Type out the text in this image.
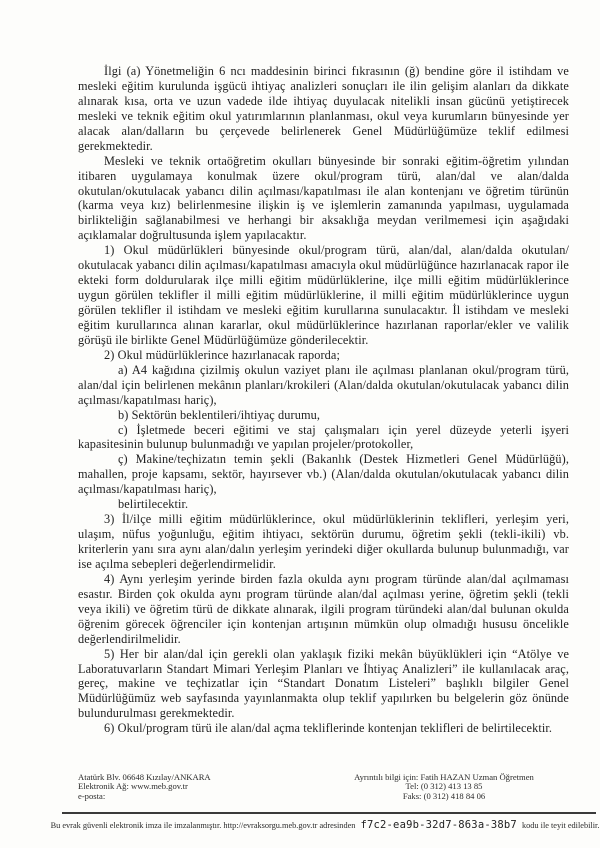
İlgi (a) Yönetmeliğin 6 ncı maddesinin birinci fıkrasının (ğ) bendine göre il istihdam ve mesleki eğitim kurulunda işgücü ihtiyaç analizleri sonuçları ile ilin gelişim alanları da dikkate alınarak kısa, orta ve uzun vadede ilde ihtiyaç duyulacak nitelikli insan gücünü yetiştirecek mesleki ve teknik eğitim okul yatırımlarının planlanması, okul veya kurumların bünyesinde yer alacak alan/dalların bu çerçevede belirlenerek Genel Müdürlüğümüze teklif edilmesi gerekmektedir.

Mesleki ve teknik ortaöğretim okulları bünyesinde bir sonraki eğitim-öğretim yılından itibaren uygulamaya konulmak üzere okul/program türü, alan/dal ve alan/dalda okutulan/okutulacak yabancı dilin açılması/kapatılması ile alan kontenjanı ve öğretim türünün (karma veya kız) belirlenmesine ilişkin iş ve işlemlerin zamanında yapılması, uygulamada birlikteliğin sağlanabilmesi ve herhangi bir aksaklığa meydan verilmemesi için aşağıdaki açıklamalar doğrultusunda işlem yapılacaktır.

1) Okul müdürlükleri bünyesinde okul/program türü, alan/dal, alan/dalda okutulan/ okutulacak yabancı dilin açılması/kapatılması amacıyla okul müdürlüğünce hazırlanacak rapor ile ekteki form doldurularak ilçe milli eğitim müdürlüklerine, ilçe milli eğitim müdürlüklerince uygun görülen teklifler il milli eğitim müdürlüklerine, il milli eğitim müdürlüklerince uygun görülen teklifler il istihdam ve mesleki eğitim kurullarına sunulacaktır. İl istihdam ve mesleki eğitim kurullarınca alınan kararlar, okul müdürlüklerince hazırlanan raporlar/ekler ve valilik görüşü ile birlikte Genel Müdürlüğümüze gönderilecektir.

2) Okul müdürlüklerince hazırlanacak raporda;

a) A4 kağıdına çizilmiş okulun vaziyet planı ile açılması planlanan okul/program türü, alan/dal için belirlenen mekânın planları/krokileri (Alan/dalda okutulan/okutulacak yabancı dilin açılması/kapatılması hariç),

b) Sektörün beklentileri/ihtiyaç durumu,

c) İşletmede beceri eğitimi ve staj çalışmaları için yerel düzeyde yeterli işyeri kapasitesinin bulunup bulunmadığı ve yapılan projeler/protokoller,

ç) Makine/teçhizatın temin şekli (Bakanlık (Destek Hizmetleri Genel Müdürlüğü), mahallen, proje kapsamı, sektör, hayırsever vb.) (Alan/dalda okutulan/okutulacak yabancı dilin açılması/kapatılması hariç),

belirtilecektir.

3) İl/ilçe milli eğitim müdürlüklerince, okul müdürlüklerinin teklifleri, yerleşim yeri, ulaşım, nüfus yoğunluğu, eğitim ihtiyacı, sektörün durumu, öğretim şekli (tekli-ikili) vb. kriterlerin yanı sıra aynı alan/dalın yerleşim yerindeki diğer okullarda bulunup bulunmadığı, var ise açılma sebepleri değerlendirmelidir.

4) Aynı yerleşim yerinde birden fazla okulda aynı program türünde alan/dal açılmaması esastır. Birden çok okulda aynı program türünde alan/dal açılması yerine, öğretim şekli (tekli veya ikili) ve öğretim türü de dikkate alınarak, ilgili program türündeki alan/dal bulunan okulda öğrenim görecek öğrenciler için kontenjan artışının mümkün olup olmadığı hususu öncelikle değerlendirilmelidir.

5) Her bir alan/dal için gerekli olan yaklaşık fiziki mekân büyüklükleri için “Atölye ve Laboratuvarların Standart Mimari Yerleşim Planları ve İhtiyaç Analizleri” ile kullanılacak araç, gereç, makine ve teçhizatlar için “Standart Donatım Listeleri” başlıklı bilgiler Genel Müdürlüğümüz web sayfasında yayınlanmakta olup teklif yapılırken bu belgelerin göz önünde bulundurulması gerekmektedir.

6) Okul/program türü ile alan/dal açma tekliflerinde kontenjan teklifleri de belirtilecektir.

Atatürk Blv. 06648 Kızılay/ANKARA
Elektronik Ağ: www.meb.gov.tr
e-posta:
Ayrıntılı bilgi için: Fatih HAZAN Uzman Öğretmen
Tel: (0 312) 413 13 85
Faks: (0 312) 418 84 06
Bu evrak güvenli elektronik imza ile imzalanmıştır. http://evraksorgu.meb.gov.tr adresinden f7c2-ea9b-32d7-863a-38b7 kodu ile teyit edilebilir.
